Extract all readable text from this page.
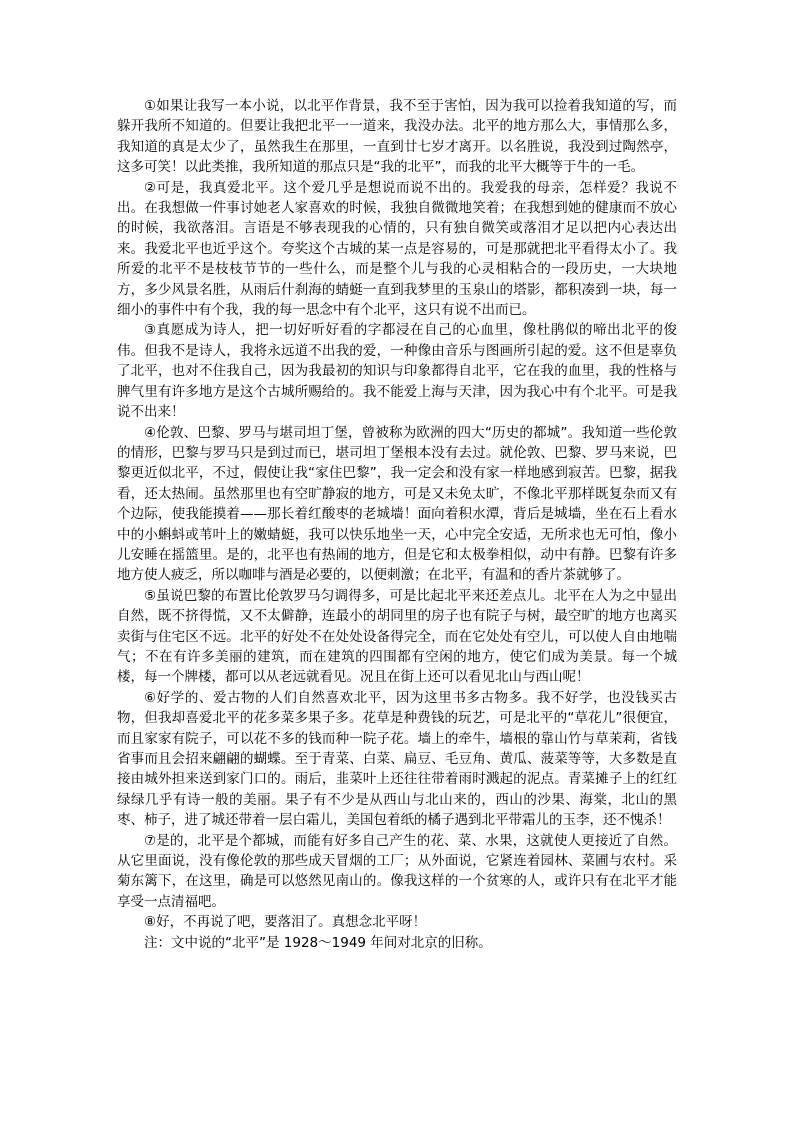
①如果让我写一本小说，以北平作背景，我不至于害怕，因为我可以捡着我知道的写，而躲开我所不知道的。但要让我把北平一一道来，我没办法。北平的地方那么大，事情那么多，我知道的真是太少了，虽然我生在那里，一直到廿七岁才离开。以名胜说，我没到过陶然亭，这多可笑！以此类推，我所知道的那点只是“我的北平”，而我的北平大概等于牛的一毛。

②可是，我真爱北平。这个爱几乎是想说而说不出的。我爱我的母亲，怎样爱？我说不出。在我想做一件事讨她老人家喜欢的时候，我独自微微地笑着；在我想到她的健康而不放心的时候，我欲落泪。言语是不够表现我的心情的，只有独自微笑或落泪才足以把内心表达出来。我爱北平也近乎这个。夸奖这个古城的某一点是容易的，可是那就把北平看得太小了。我所爱的北平不是枝枝节节的一些什么，而是整个儿与我的心灵相粘合的一段历史，一大块地方，多少风景名胜，从雨后什刹海的蜻蜓一直到我梦里的玉泉山的塔影，都积凑到一块，每一细小的事件中有个我，我的每一思念中有个北平，这只有说不出而已。

③真愿成为诗人，把一切好听好看的字都浸在自己的心血里，像杜鹃似的啼出北平的俊伟。但我不是诗人，我将永远道不出我的爱，一种像由音乐与图画所引起的爱。这不但是辜负了北平，也对不住我自己，因为我最初的知识与印象都得自北平，它在我的血里，我的性格与脾气里有许多地方是这个古城所赐给的。我不能爱上海与天津，因为我心中有个北平。可是我说不出来！

④伦敦、巴黎、罗马与堪司坦丁堡，曾被称为欧洲的四大“历史的都城”。我知道一些伦敦的情形，巴黎与罗马只是到过而已，堪司坦丁堡根本没有去过。就伦敦、巴黎、罗马来说，巴黎更近似北平，不过，假使让我“家住巴黎”，我一定会和没有家一样地感到寂苦。巴黎，据我看，还太热闹。虽然那里也有空旷静寂的地方，可是又未免太旷，不像北平那样既复杂而又有个边际，使我能摸着——那长着红酸枣的老城墙！面向着积水潭，背后是城墙，坐在石上看水中的小蝌蚪或苇叶上的嫩蜻蜓，我可以快乐地坐一天，心中完全安适，无所求也无可怕，像小儿安睡在摇篮里。是的，北平也有热闹的地方，但是它和太极拳相似，动中有静。巴黎有许多地方使人疲乏，所以咖啡与酒是必要的，以便刺激；在北平，有温和的香片茶就够了。

⑤虽说巴黎的布置比伦敦罗马匀调得多，可是比起北平来还差点儿。北平在人为之中显出自然，既不挤得慌，又不太僻静，连最小的胡同里的房子也有院子与树，最空旷的地方也离买卖街与住宅区不远。北平的好处不在处处设备得完全，而在它处处有空儿，可以使人自由地喘气；不在有许多美丽的建筑，而在建筑的四围都有空闲的地方，使它们成为美景。每一个城楼，每一个牌楼，都可以从老远就看见。况且在街上还可以看见北山与西山呢！

⑥好学的、爱古物的人们自然喜欢北平，因为这里书多古物多。我不好学，也没钱买古物，但我却喜爱北平的花多菜多果子多。花草是种费钱的玩艺，可是北平的“草花儿”很便宜，而且家家有院子，可以花不多的钱而种一院子花。墙上的牵牛，墙根的靠山竹与草茉莉，省钱省事而且会招来翩翩的蝴蝶。至于青菜、白菜、扁豆、毛豆角、黄瓜、菠菜等等，大多数是直接由城外担来送到家门口的。雨后，韭菜叶上还往往带着雨时溅起的泥点。青菜摊子上的红红绿绿几乎有诗一般的美丽。果子有不少是从西山与北山来的，西山的沙果、海棠，北山的黑枣、柿子，进了城还带着一层白霜儿，美国包着纸的橘子遇到北平带霜儿的玉李，还不愧杀！

⑦是的，北平是个都城，而能有好多自己产生的花、菜、水果，这就使人更接近了自然。从它里面说，没有像伦敦的那些成天冒烟的工厂；从外面说，它紧连着园林、菜圃与农村。采菊东篱下，在这里，确是可以悠然见南山的。像我这样的一个贫寒的人，或许只有在北平才能享受一点清福吧。

⑧好，不再说了吧，要落泪了。真想念北平呀！

注：文中说的“北平”是 1928～1949 年间对北京的旧称。
